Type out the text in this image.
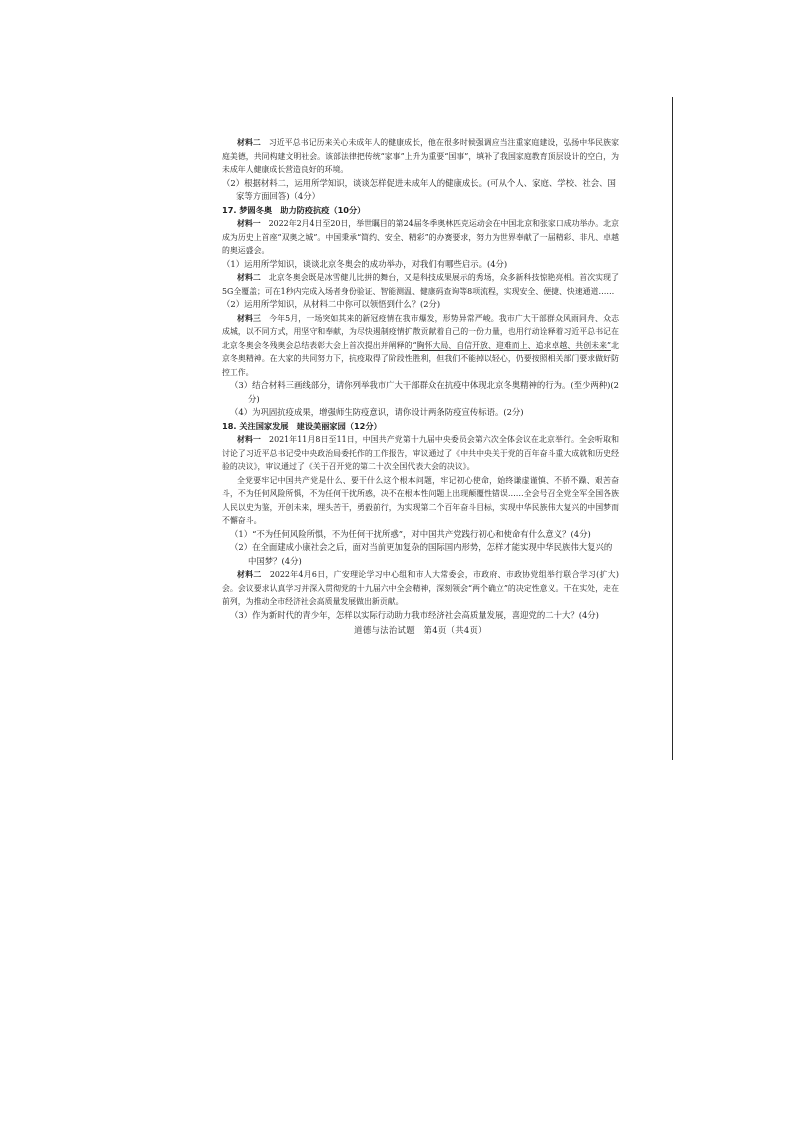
材料二　 习近平总书记历来关心未成年人的健康成长，他在很多时候强调应当注重家庭建设，弘扬中华民族家庭美德，共同构建文明社会。该部法律把传统“家事”上升为重要“国事”，填补了我国家庭教育顶层设计的空白，为未成年人健康成长营造良好的环境。

（2）根据材料二，运用所学知识，谈谈怎样促进未成年人的健康成长。(可从个人、家庭、学校、社会、国家等方面回答)（4分）

17. 梦圆冬奥　助力防疫抗疫（10分）

材料一　 2022年2月4日至20日，举世瞩目的第24届冬季奥林匹克运动会在中国北京和张家口成功举办。北京成为历史上首座“双奥之城”。中国秉承“简约、安全、精彩”的办赛要求，努力为世界奉献了一届精彩、非凡、卓越的奥运盛会。

（1）运用所学知识，谈谈北京冬奥会的成功举办，对我们有哪些启示。(4分)

材料二　 北京冬奥会既是冰雪健儿比拼的舞台，又是科技成果展示的秀场，众多新科技惊艳亮相。首次实现了5G全覆盖；可在1秒内完成入场者身份验证、智能测温、健康码查询等8项流程，实现安全、便捷、快速通道……

（2）运用所学知识，从材料二中你可以领悟到什么？(2分)

材料三　 今年5月，一场突如其来的新冠疫情在我市爆发，形势异常严峻。我市广大干部群众风雨同舟、众志成城，以不同方式，用坚守和奉献，为尽快遏制疫情扩散贡献着自己的一份力量，也用行动诠释着习近平总书记在北京冬奥会冬残奥会总结表彰大会上首次提出并阐释的“胸怀大局、自信开放、迎难而上、追求卓越、共创未来”北京冬奥精神。在大家的共同努力下，抗疫取得了阶段性胜利，但我们不能掉以轻心，仍要按照相关部门要求做好防控工作。

（3）结合材料三画线部分，请你列举我市广大干部群众在抗疫中体现北京冬奥精神的行为。(至少两种)(2分)

（4）为巩固抗疫成果，增强师生防疫意识，请你设计两条防疫宣传标语。(2分)

18. 关注国家发展　建设美丽家园（12分）

材料一　 2021年11月8日至11日，中国共产党第十九届中央委员会第六次全体会议在北京举行。全会听取和讨论了习近平总书记受中央政治局委托作的工作报告，审议通过了《中共中央关于党的百年奋斗重大成就和历史经验的决议》，审议通过了《关于召开党的第二十次全国代表大会的决议》。

全党要牢记中国共产党是什么、要干什么这个根本问题，牢记初心使命，始终谦虚谨慎、不骄不躁、艰苦奋斗，不为任何风险所惧，不为任何干扰所惑，决不在根本性问题上出现颠覆性错误……全会号召全党全军全国各族人民以史为鉴，开创未来，埋头苦干，勇毅前行，为实现第二个百年奋斗目标，实现中华民族伟大复兴的中国梦而不懈奋斗。

（1）“不为任何风险所惧，不为任何干扰所惑”，对中国共产党践行初心和使命有什么意义？(4分)

（2）在全面建成小康社会之后，面对当前更加复杂的国际国内形势，怎样才能实现中华民族伟大复兴的中国梦？(4分)

材料二　 2022年4月6日，广安理论学习中心组和市人大常委会，市政府、市政协党组举行联合学习(扩大)会。会议要求认真学习并深入贯彻党的十九届六中全会精神，深刻领会“两个确立”的决定性意义。干在实处，走在前列，为推动全市经济社会高质量发展做出新贡献。

（3）作为新时代的青少年，怎样以实际行动助力我市经济社会高质量发展，喜迎党的二十大？(4分)

道德与法治试题　第4页（共4页）
